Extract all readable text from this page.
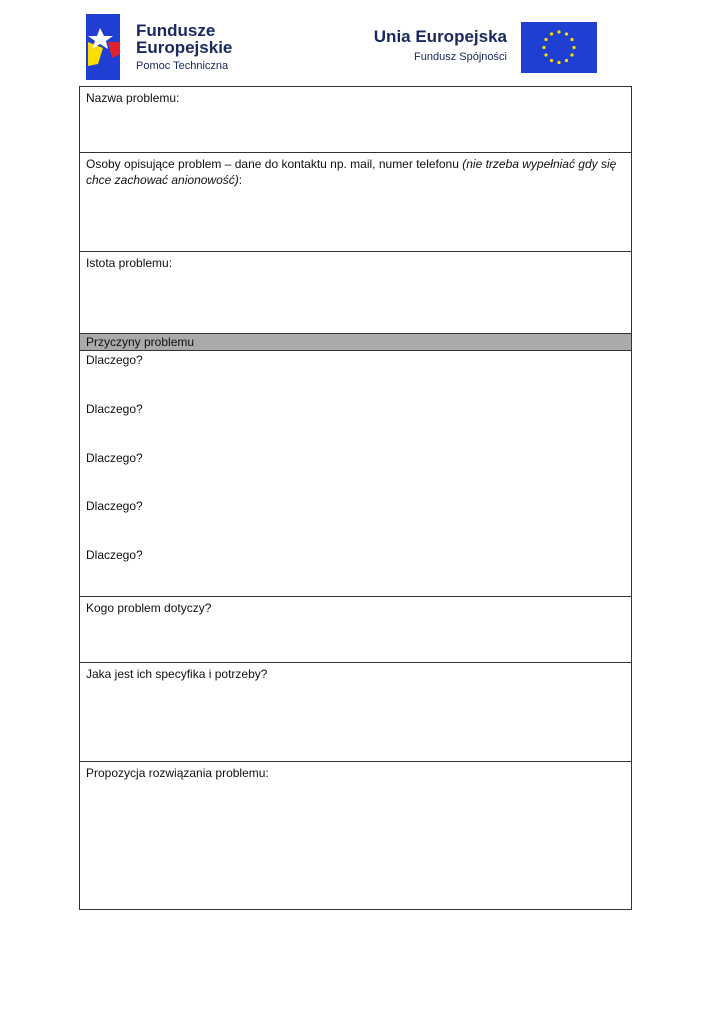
Fundusze
Europejskie
Pomoc Techniczna
Unia Europejska
Fundusz Spójności
Nazwa problemu:
Osoby opisujące problem – dane do kontaktu np. mail, numer telefonu (nie trzeba wypełniać gdy się chce zachować anionowość):
Istota problemu:
Przyczyny problemu
Dlaczego?
Dlaczego?
Dlaczego?
Dlaczego?
Dlaczego?
Kogo problem dotyczy?
Jaka jest ich specyfika i potrzeby?
Propozycja rozwiązania problemu:
